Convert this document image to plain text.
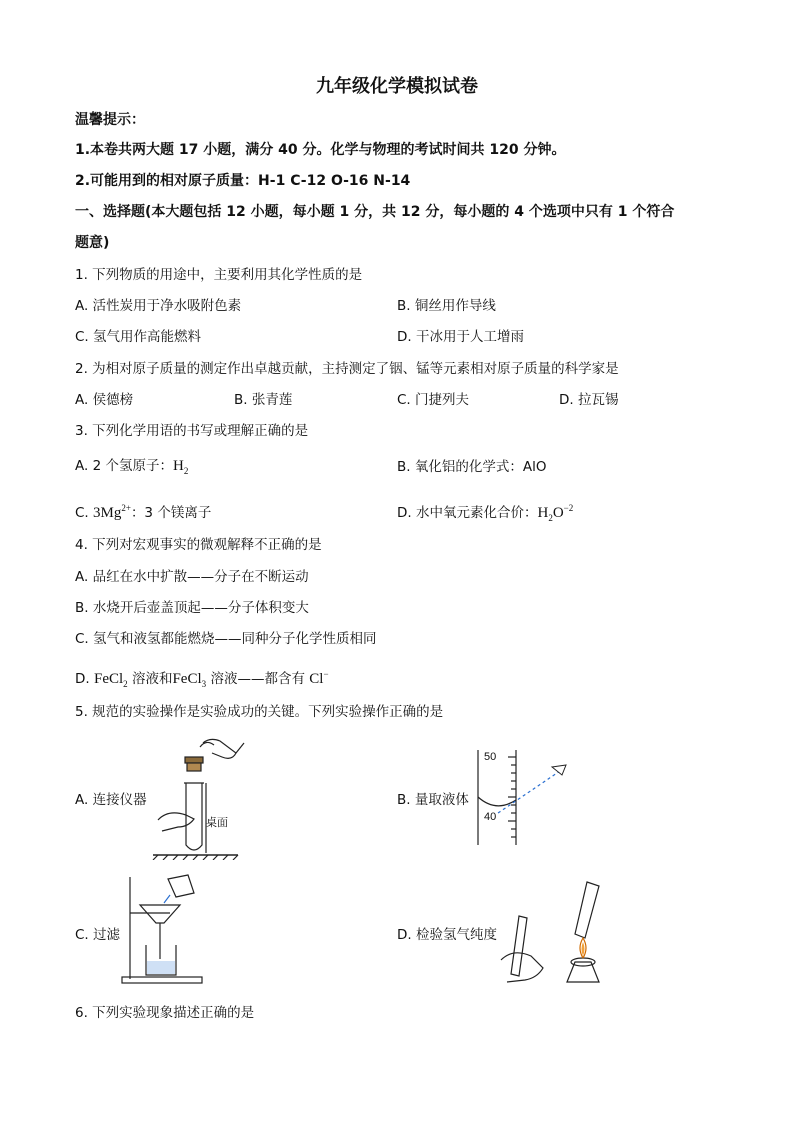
九年级化学模拟试卷
温馨提示：
1.本卷共两大题 17 小题，满分 40 分。化学与物理的考试时间共 120 分钟。
2.可能用到的相对原子质量：H-1 C-12 O-16 N-14
一、选择题(本大题包括 12 小题，每小题 1 分，共 12 分，每小题的 4 个选项中只有 1 个符合
题意)
1. 下列物质的用途中，主要利用其化学性质的是
A. 活性炭用于净水吸附色素	B. 铜丝用作导线
C. 氢气用作高能燃料	D. 干冰用于人工增雨
2. 为相对原子质量的测定作出卓越贡献，主持测定了铟、锰等元素相对原子质量的科学家是
A. 侯德榜	B. 张青莲	C. 门捷列夫	D. 拉瓦锡
3. 下列化学用语的书写或理解正确的是
A. 2 个氢原子：$H_2$	B. 氧化铝的化学式：AlO
C. $3Mg^{2+}$：3 个镁离子	D. 水中氧元素化合价：$H_2O^{-2}$
4. 下列对宏观事实的微观解释不正确的是
A. 品红在水中扩散——分子在不断运动
B. 水烧开后壶盖顶起——分子体积变大
C. 氢气和液氢都能燃烧——同种分子化学性质相同
D. FeCl$_2$ 溶液和FeCl$_3$ 溶液——都含有 Cl−
5. 规范的实验操作是实验成功的关键。下列实验操作正确的是
A. 连接仪器	B. 量取液体
C. 过滤	D. 检验氢气纯度
桌面
50
40
6. 下列实验现象描述正确的是
